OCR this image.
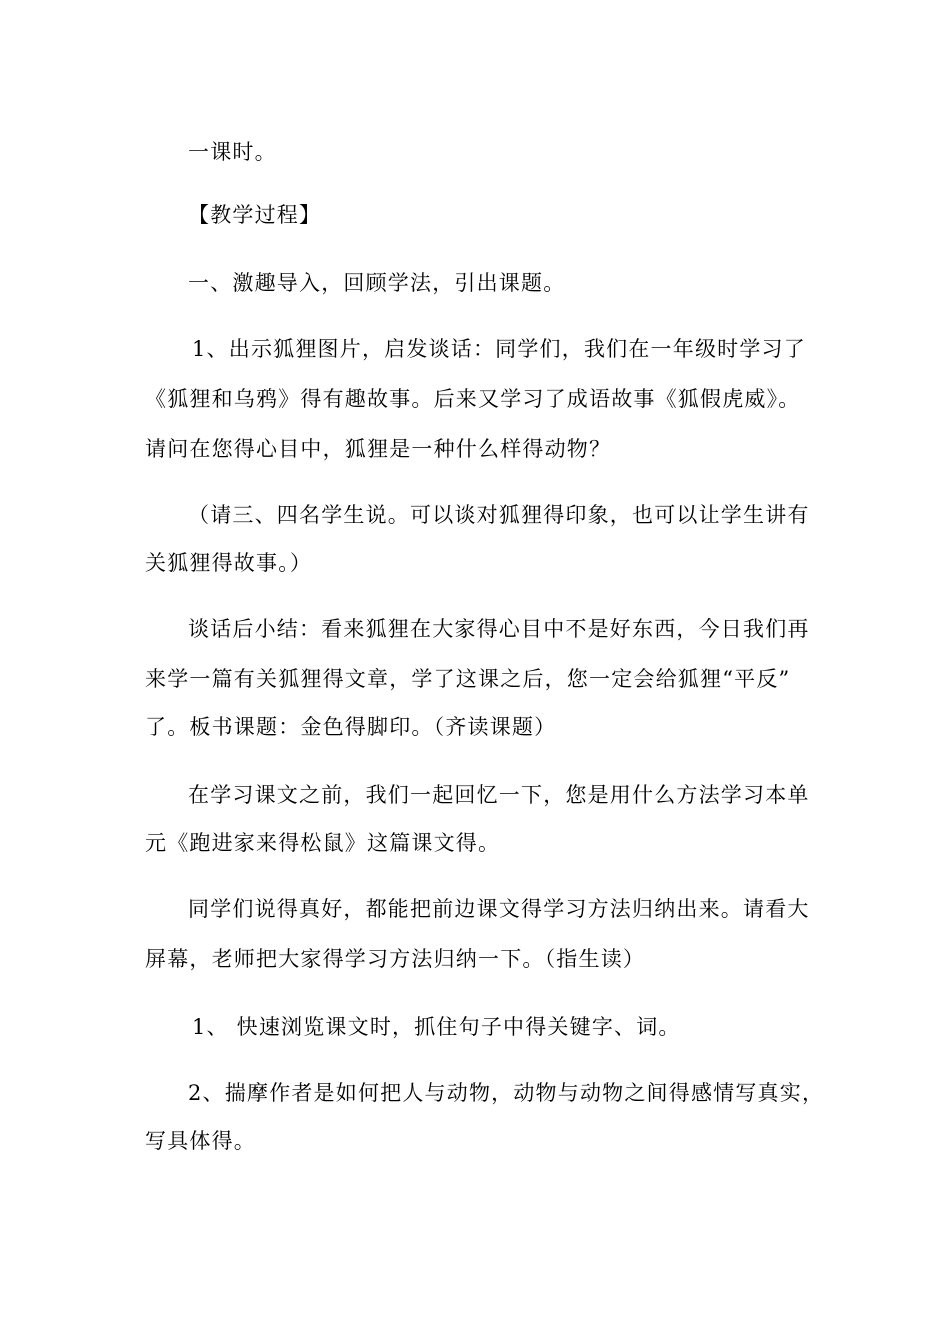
一课时。
【教学过程】
一、激趣导入，回顾学法，引出课题。
1、出示狐狸图片，启发谈话：同学们，我们在一年级时学习了
《狐狸和乌鸦》得有趣故事。后来又学习了成语故事《狐假虎威》。
请问在您得心目中，狐狸是一种什么样得动物？
（请三、四名学生说。可以谈对狐狸得印象，也可以让学生讲有
关狐狸得故事。）
谈话后小结：看来狐狸在大家得心目中不是好东西，今日我们再
来学一篇有关狐狸得文章，学了这课之后，您一定会给狐狸“平反”
了。板书课题：金色得脚印。（齐读课题）
在学习课文之前，我们一起回忆一下，您是用什么方法学习本单
元《跑进家来得松鼠》这篇课文得。
同学们说得真好，都能把前边课文得学习方法归纳出来。请看大
屏幕，老师把大家得学习方法归纳一下。（指生读）
1、 快速浏览课文时，抓住句子中得关键字、词。
2、揣摩作者是如何把人与动物，动物与动物之间得感情写真实，
写具体得。
